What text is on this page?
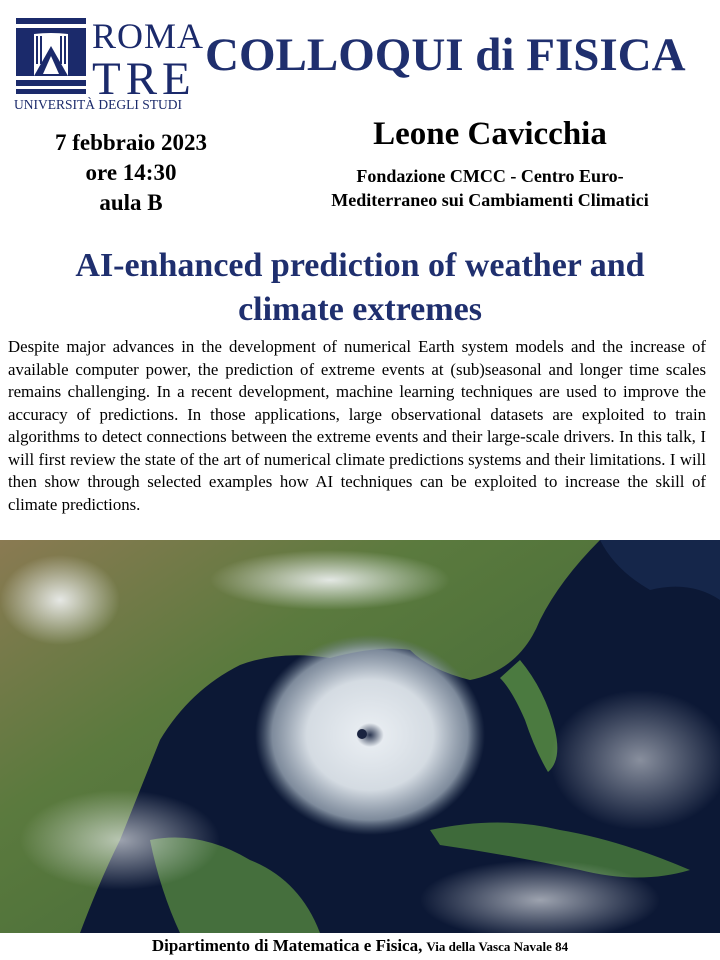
ROMA
TRE
UNIVERSITÀ DEGLI STUDI
COLLOQUI di FISICA
7 febbraio 2023
ore 14:30
aula B
Leone Cavicchia
Fondazione CMCC - Centro Euro-
Mediterraneo sui Cambiamenti Climatici
AI-enhanced prediction of weather and
climate extremes
Despite major advances in the development of numerical Earth system models and the increase of available computer power, the prediction of extreme events at (sub)seasonal and longer time scales remains challenging. In a recent development, machine learning techniques are used to improve the accuracy of predictions. In those applications, large observational datasets are exploited to train algorithms to detect connections between the extreme events and their large-scale drivers. In this talk, I will first review the state of the art of numerical climate predictions systems and their limitations. I will then show through selected examples how AI techniques can be exploited to increase the skill of climate predictions.
Dipartimento di Matematica e Fisica, Via della Vasca Navale 84
